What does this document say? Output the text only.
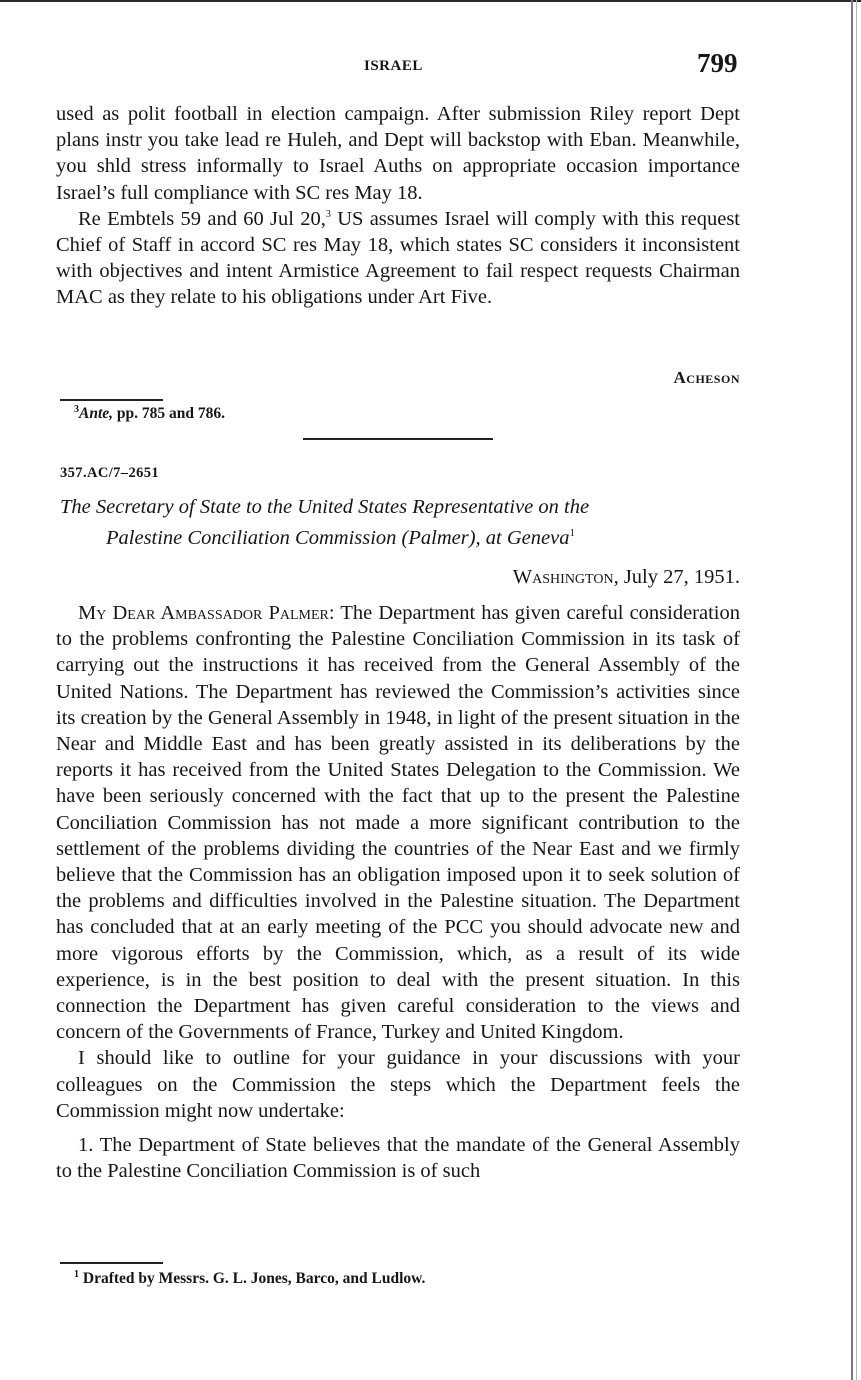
ISRAEL	799

used as polit football in election campaign. After submission Riley report Dept plans instr you take lead re Huleh, and Dept will backstop with Eban. Meanwhile, you shld stress informally to Israel Auths on appropriate occasion importance Israel’s full compliance with SC res May 18.

Re Embtels 59 and 60 Jul 20,$^3$ US assumes Israel will comply with this request Chief of Staff in accord SC res May 18, which states SC considers it inconsistent with objectives and intent Armistice Agreement to fail respect requests Chairman MAC as they relate to his obligations under Art Five.

Acheson
$^3$Ante, pp. 785 and 786.
357.AC/7–2651
The Secretary of State to the United States Representative on the
Palestine Conciliation Commission (Palmer), at Geneva$^1$
Washington, July 27, 1951.

My Dear Ambassador Palmer: The Department has given careful consideration to the problems confronting the Palestine Conciliation Commission in its task of carrying out the instructions it has received from the General Assembly of the United Nations. The Department has reviewed the Commission’s activities since its creation by the General Assembly in 1948, in light of the present situation in the Near and Middle East and has been greatly assisted in its deliberations by the reports it has received from the United States Delegation to the Commission. We have been seriously concerned with the fact that up to the present the Palestine Conciliation Commission has not made a more significant contribution to the settlement of the problems dividing the countries of the Near East and we firmly believe that the Commission has an obligation imposed upon it to seek solution of the problems and difficulties involved in the Palestine situation. The Department has concluded that at an early meeting of the PCC you should advocate new and more vigorous efforts by the Commission, which, as a result of its wide experience, is in the best position to deal with the present situation. In this connection the Department has given careful consideration to the views and concern of the Governments of France, Turkey and United Kingdom.

I should like to outline for your guidance in your discussions with your colleagues on the Commission the steps which the Department feels the Commission might now undertake:

1. The Department of State believes that the mandate of the General Assembly to the Palestine Conciliation Commission is of such

$^1$ Drafted by Messrs. G. L. Jones, Barco, and Ludlow.
